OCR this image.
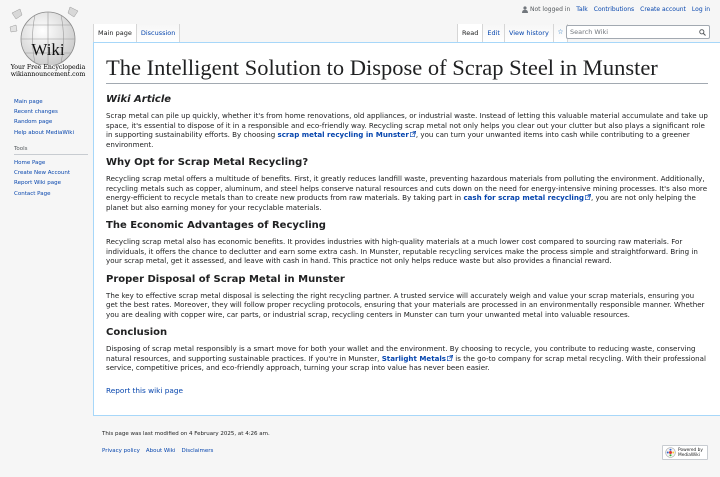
Wiki
Your Free Encyclopedia
wikiannouncement.com
Not logged in Talk Contributions Create account Log in
Main page	Discussion	Read	Edit	View history
Search Wiki
Main page
Recent changes
Random page
Help about MediaWiki
Tools
Home Page
Create New Account
Report Wiki page
Contact Page
The Intelligent Solution to Dispose of Scrap Steel in Munster
Wiki Article

Scrap metal can pile up quickly, whether it's from home renovations, old appliances, or industrial waste. Instead of letting this valuable material accumulate and take up space, it's essential to dispose of it in a responsible and eco-friendly way. Recycling scrap metal not only helps you clear out your clutter but also plays a significant role in supporting sustainability efforts. By choosing scrap metal recycling in Munster , you can turn your unwanted items into cash while contributing to a greener environment.

Why Opt for Scrap Metal Recycling?

Recycling scrap metal offers a multitude of benefits. First, it greatly reduces landfill waste, preventing hazardous materials from polluting the environment. Additionally, recycling metals such as copper, aluminum, and steel helps conserve natural resources and cuts down on the need for energy-intensive mining processes. It's also more energy-efficient to recycle metals than to create new products from raw materials. By taking part in cash for scrap metal recycling , you are not only helping the planet but also earning money for your recyclable materials.

The Economic Advantages of Recycling

Recycling scrap metal also has economic benefits. It provides industries with high-quality materials at a much lower cost compared to sourcing raw materials. For individuals, it offers the chance to declutter and earn some extra cash. In Munster, reputable recycling services make the process simple and straightforward. Bring in your scrap metal, get it assessed, and leave with cash in hand. This practice not only helps reduce waste but also provides a financial reward.

Proper Disposal of Scrap Metal in Munster

The key to effective scrap metal disposal is selecting the right recycling partner. A trusted service will accurately weigh and value your scrap materials, ensuring you get the best rates. Moreover, they will follow proper recycling protocols, ensuring that your materials are processed in an environmentally responsible manner. Whether you are dealing with copper wire, car parts, or industrial scrap, recycling centers in Munster can turn your unwanted metal into valuable resources.

Conclusion

Disposing of scrap metal responsibly is a smart move for both your wallet and the environment. By choosing to recycle, you contribute to reducing waste, conserving natural resources, and supporting sustainable practices. If you're in Munster, Starlight Metals is the go-to company for scrap metal recycling. With their professional service, competitive prices, and eco-friendly approach, turning your scrap into value has never been easier.

Report this wiki page
This page was last modified on 4 February 2025, at 4:26 am.
Privacy policy About Wiki Disclaimers	Powered by
MediaWiki
